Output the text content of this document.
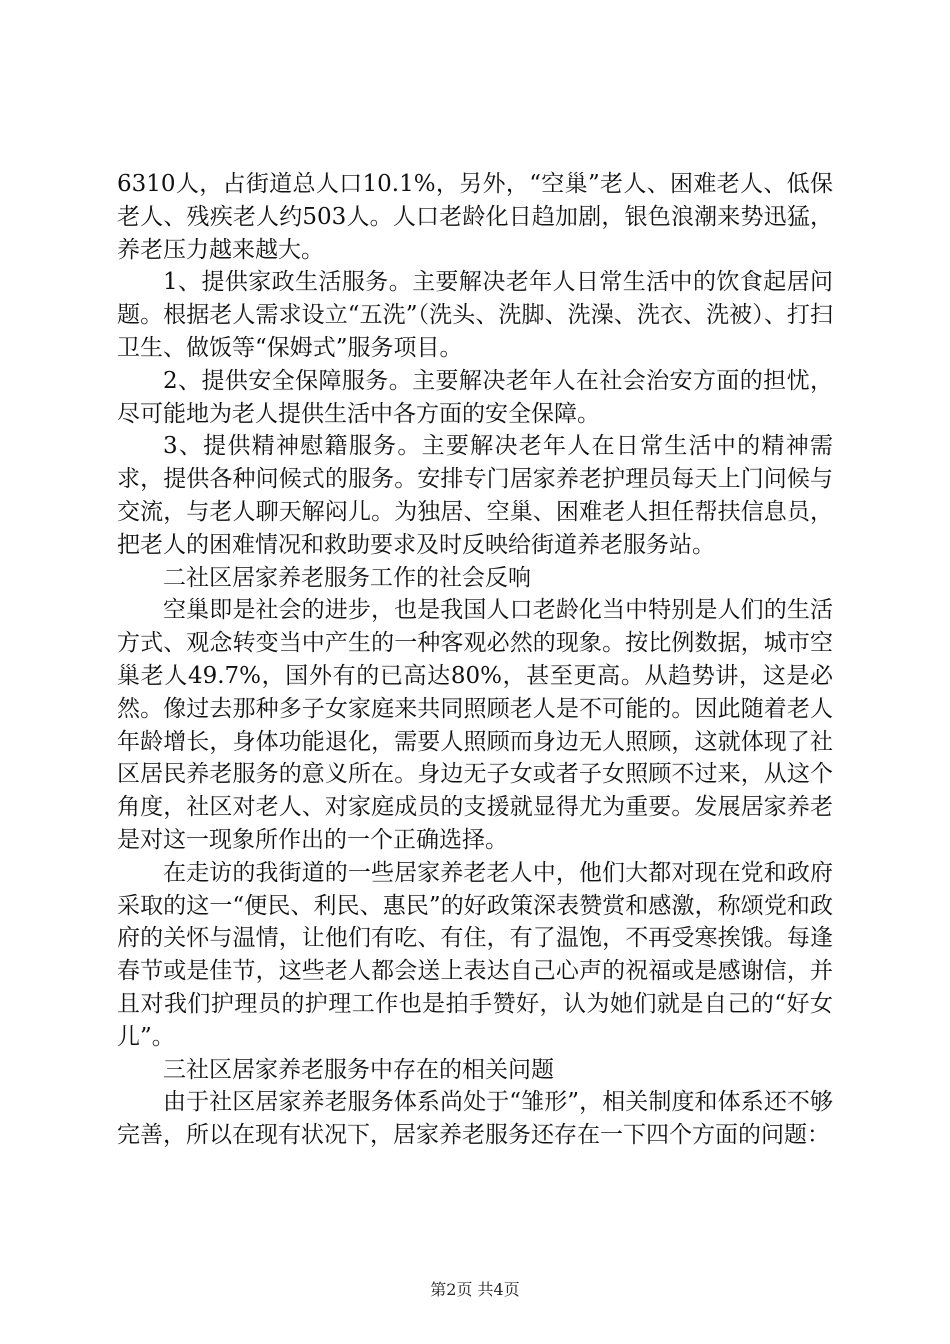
6310人，占街道总人口10.1%，另外，“空巢”老人、困难老人、低保老人、残疾老人约503人。人口老龄化日趋加剧，银色浪潮来势迅猛，养老压力越来越大。

1、提供家政生活服务。主要解决老年人日常生活中的饮食起居问题。根据老人需求设立“五洗”（洗头、洗脚、洗澡、洗衣、洗被）、打扫卫生、做饭等“保姆式”服务项目。

2、提供安全保障服务。主要解决老年人在社会治安方面的担忧，尽可能地为老人提供生活中各方面的安全保障。

3、提供精神慰籍服务。主要解决老年人在日常生活中的精神需求，提供各种问候式的服务。安排专门居家养老护理员每天上门问候与交流，与老人聊天解闷儿。为独居、空巢、困难老人担任帮扶信息员，把老人的困难情况和救助要求及时反映给街道养老服务站。

二社区居家养老服务工作的社会反响

空巢即是社会的进步，也是我国人口老龄化当中特别是人们的生活方式、观念转变当中产生的一种客观必然的现象。按比例数据，城市空巢老人49.7%，国外有的已高达80%，甚至更高。从趋势讲，这是必然。像过去那种多子女家庭来共同照顾老人是不可能的。因此随着老人年龄增长，身体功能退化，需要人照顾而身边无人照顾，这就体现了社区居民养老服务的意义所在。身边无子女或者子女照顾不过来，从这个角度，社区对老人、对家庭成员的支援就显得尤为重要。发展居家养老是对这一现象所作出的一个正确选择。

在走访的我街道的一些居家养老老人中，他们大都对现在党和政府采取的这一“便民、利民、惠民”的好政策深表赞赏和感激，称颂党和政府的关怀与温情，让他们有吃、有住，有了温饱，不再受寒挨饿。每逢春节或是佳节，这些老人都会送上表达自己心声的祝福或是感谢信，并且对我们护理员的护理工作也是拍手赞好，认为她们就是自己的“好女儿”。

三社区居家养老服务中存在的相关问题

由于社区居家养老服务体系尚处于“雏形”，相关制度和体系还不够完善，所以在现有状况下，居家养老服务还存在一下四个方面的问题：

第2页 共4页
